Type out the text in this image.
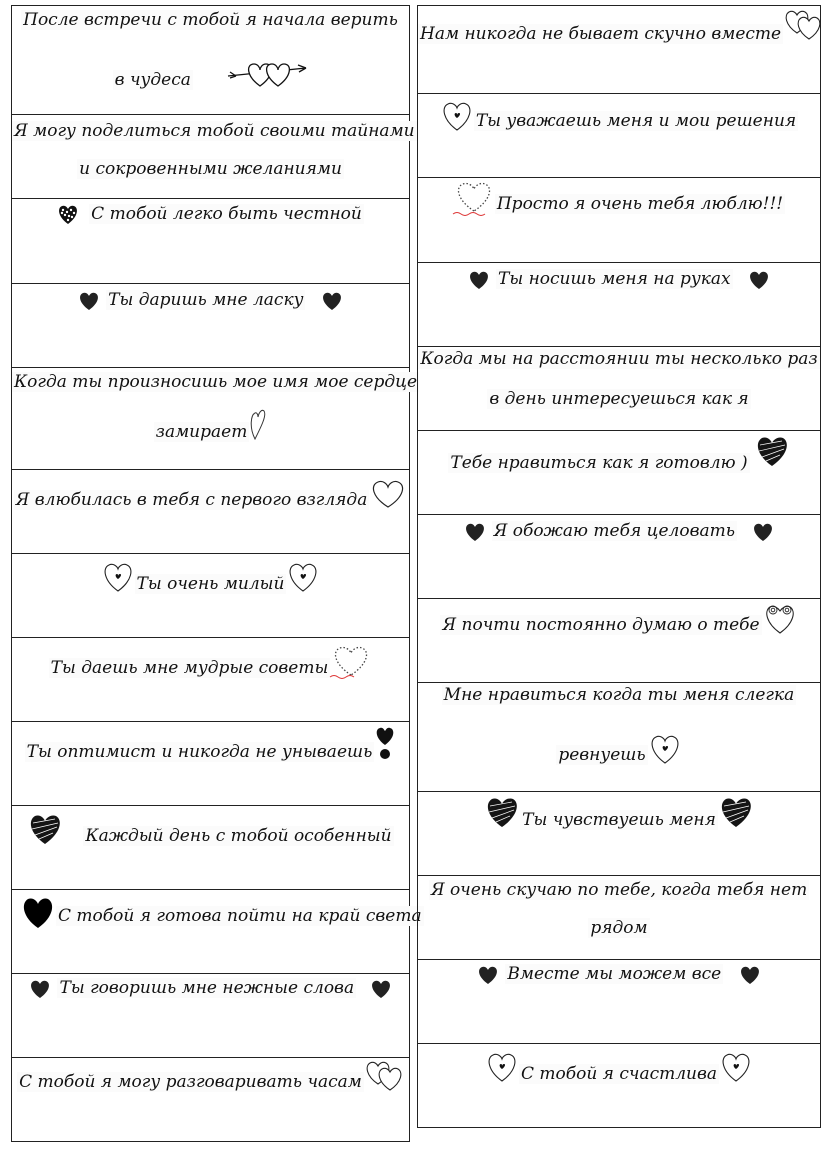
После встречи с тобой я начала верить
в чудеса
Я могу поделиться тобой своими тайнами
и сокровенными желаниями
С тобой легко быть честной
Ты даришь мне ласку
Когда ты произносишь мое имя мое сердце
замирает
Я влюбилась в тебя с первого взгляда
Ты очень милый
Ты даешь мне мудрые советы
Ты оптимист и никогда не унываешь
Каждый день с тобой особенный
С тобой я готова пойти на край света
Ты говоришь мне нежные слова
С тобой я могу разговаривать часам
Нам никогда не бывает скучно вместе
Ты уважаешь меня и мои решения
Просто я очень тебя люблю!!!
Ты носишь меня на руках
Когда мы на расстоянии ты несколько раз
в день интересуешься как я
Тебе нравиться как я готовлю )
Я обожаю тебя целовать
Я почти постоянно думаю о тебе
Мне нравиться когда ты меня слегка
ревнуешь
Ты чувствуешь меня
Я очень скучаю по тебе, когда тебя нет
рядом
Вместе мы можем все
С тобой я счастлива
